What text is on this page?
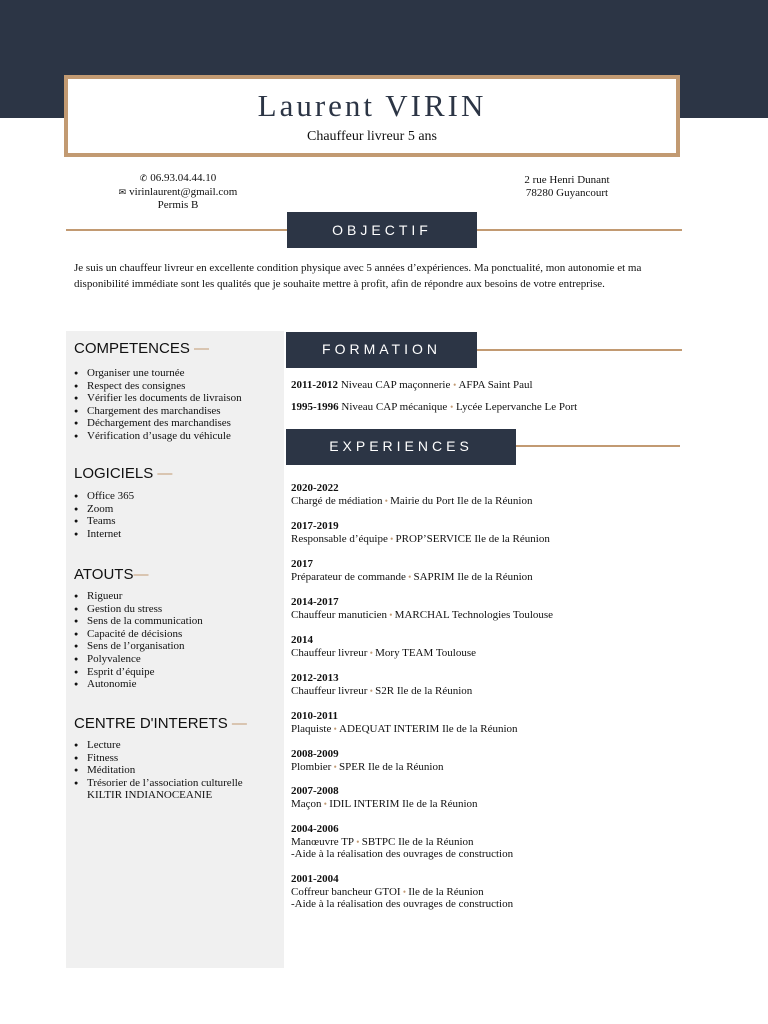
Laurent VIRIN
Chauffeur livreur 5 ans
✆ 06.93.04.44.10
✉ virinlaurent@gmail.com
Permis B
2 rue Henri Dunant
78280 Guyancourt
OBJECTIF
Je suis un chauffeur livreur en excellente condition physique avec 5 années d’expériences. Ma ponctualité, mon autonomie et ma disponibilité immédiate sont les qualités que je souhaite mettre à profit, afin de répondre aux besoins de votre entreprise.
COMPETENCES —
● Organiser une tournée
● Respect des consignes
● Vérifier les documents de livraison
● Chargement des marchandises
● Déchargement des marchandises
● Vérification d’usage du véhicule
LOGICIELS —
● Office 365
● Zoom
● Teams
● Internet
ATOUTS—
● Rigueur
● Gestion du stress
● Sens de la communication
● Capacité de décisions
● Sens de l’organisation
● Polyvalence
● Esprit d’équipe
● Autonomie
CENTRE D'INTERETS —
● Lecture
● Fitness
● Méditation
● Trésorier de l’association culturelle
KILTIR INDIANOCEANIE
FORMATION
2011-2012 Niveau CAP maçonnerie • AFPA Saint Paul
1995-1996 Niveau CAP mécanique • Lycée Lepervanche Le Port
EXPERIENCES
2020-2022
Chargé de médiation • Mairie du Port Ile de la Réunion
2017-2019
Responsable d’équipe • PROP’SERVICE Ile de la Réunion
2017
Préparateur de commande • SAPRIM Ile de la Réunion
2014-2017
Chauffeur manuticien • MARCHAL Technologies Toulouse
2014
Chauffeur livreur • Mory TEAM Toulouse
2012-2013
Chauffeur livreur • S2R Ile de la Réunion
2010-2011
Plaquiste • ADEQUAT INTERIM Ile de la Réunion
2008-2009
Plombier • SPER Ile de la Réunion
2007-2008
Maçon • IDIL INTERIM Ile de la Réunion
2004-2006
Manœuvre TP • SBTPC Ile de la Réunion
-Aide à la réalisation des ouvrages de construction
2001-2004
Coffreur bancheur GTOI • Ile de la Réunion
-Aide à la réalisation des ouvrages de construction
